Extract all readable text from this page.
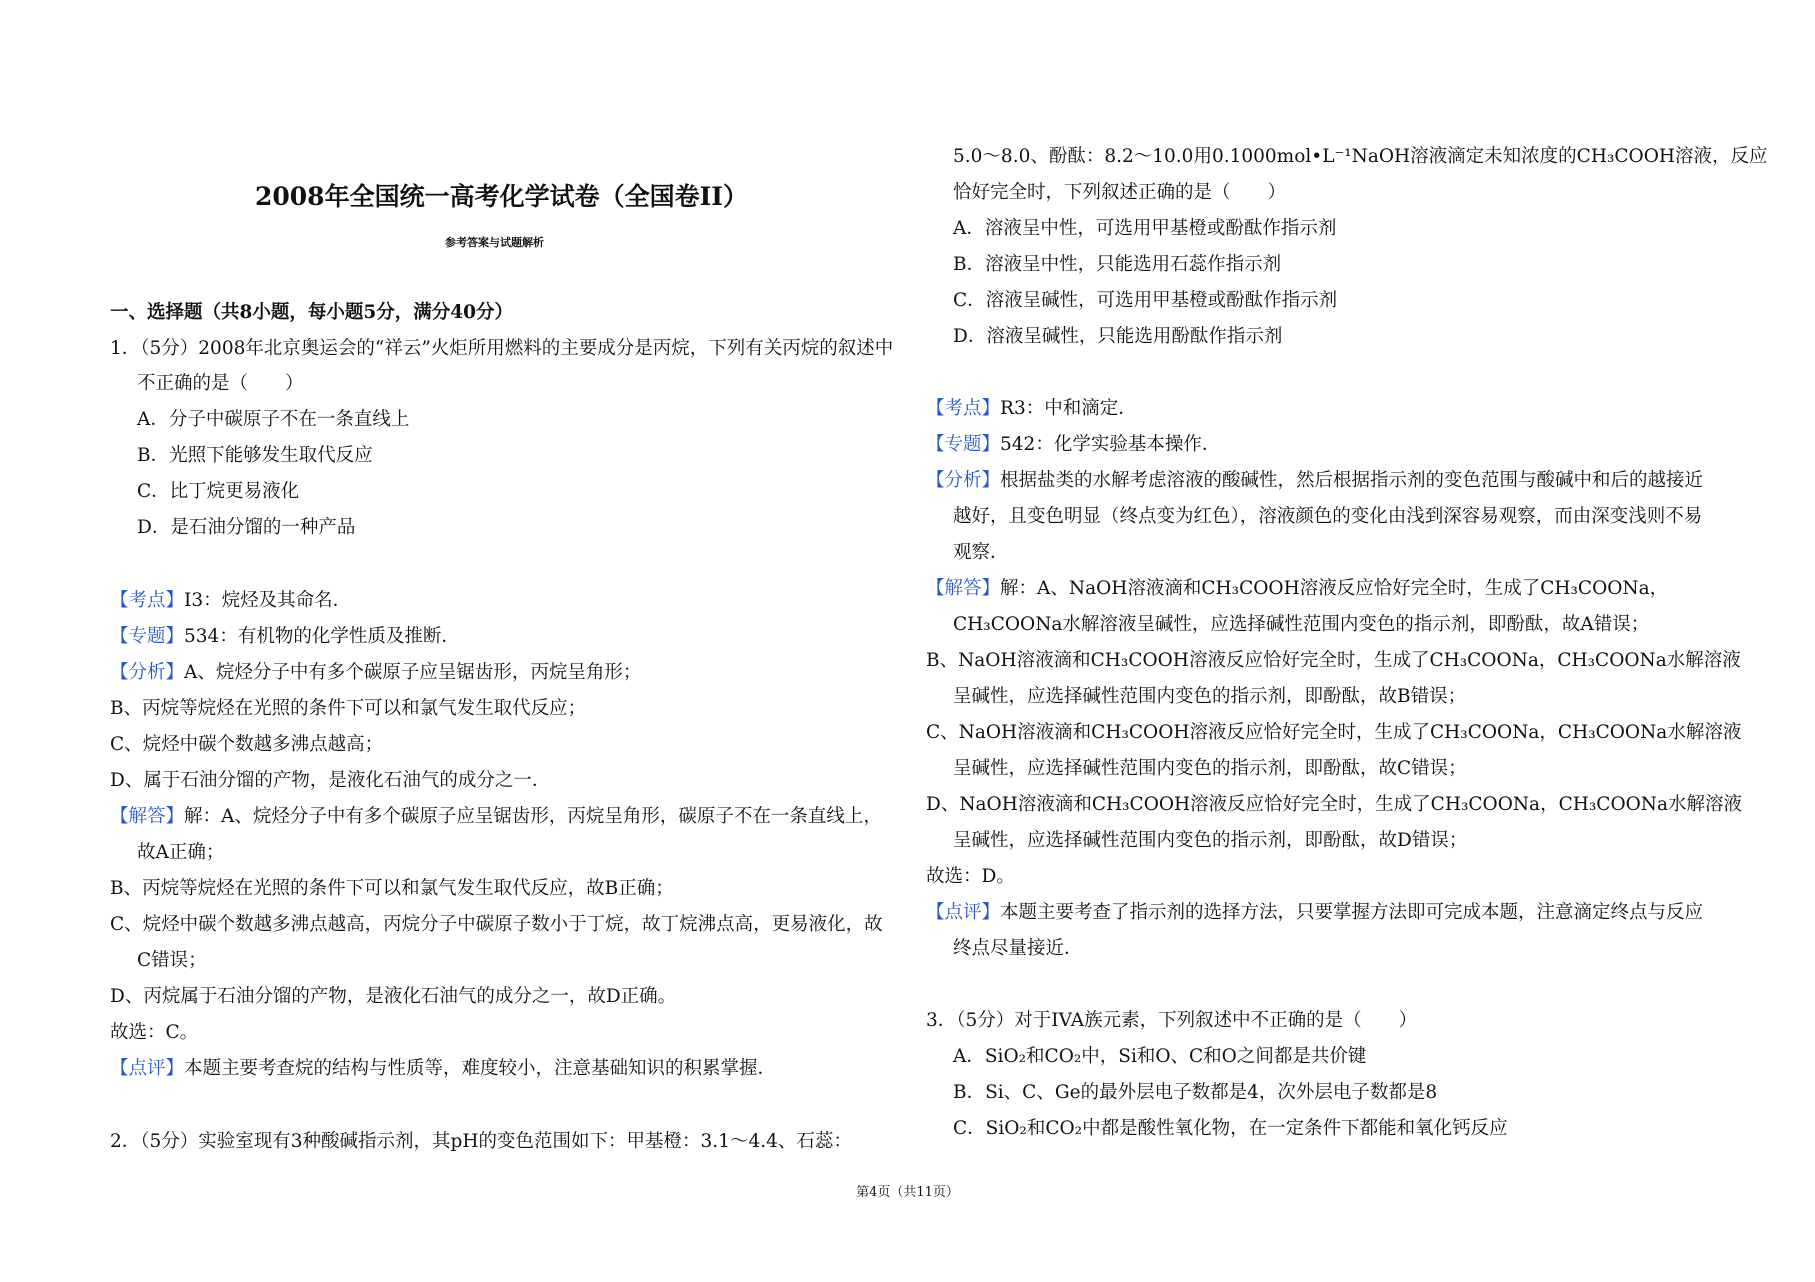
2008年全国统一高考化学试卷（全国卷II）
参考答案与试题解析
一、选择题（共8小题，每小题5分，满分40分）
1．（5分）2008年北京奥运会的“祥云”火炬所用燃料的主要成分是丙烷，下列有关丙烷的叙述中
不正确的是（　　）
A．分子中碳原子不在一条直线上
B．光照下能够发生取代反应
C．比丁烷更易液化
D．是石油分馏的一种产品
【考点】I3：烷烃及其命名．
【专题】534：有机物的化学性质及推断．
【分析】A、烷烃分子中有多个碳原子应呈锯齿形，丙烷呈角形；
B、丙烷等烷烃在光照的条件下可以和氯气发生取代反应；
C、烷烃中碳个数越多沸点越高；
D、属于石油分馏的产物，是液化石油气的成分之一．
【解答】解：A、烷烃分子中有多个碳原子应呈锯齿形，丙烷呈角形，碳原子不在一条直线上，
故A正确；
B、丙烷等烷烃在光照的条件下可以和氯气发生取代反应，故B正确；
C、烷烃中碳个数越多沸点越高，丙烷分子中碳原子数小于丁烷，故丁烷沸点高，更易液化，故
C错误；
D、丙烷属于石油分馏的产物，是液化石油气的成分之一，故D正确。
故选：C。
【点评】本题主要考查烷的结构与性质等，难度较小，注意基础知识的积累掌握．
2．（5分）实验室现有3种酸碱指示剂，其pH的变色范围如下：甲基橙：3.1～4.4、石蕊：
5.0～8.0、酚酞：8.2～10.0用0.1000mol•L⁻¹NaOH溶液滴定未知浓度的CH₃COOH溶液，反应
恰好完全时，下列叙述正确的是（　　）
A．溶液呈中性，可选用甲基橙或酚酞作指示剂
B．溶液呈中性，只能选用石蕊作指示剂
C．溶液呈碱性，可选用甲基橙或酚酞作指示剂
D．溶液呈碱性，只能选用酚酞作指示剂
【考点】R3：中和滴定．
【专题】542：化学实验基本操作．
【分析】根据盐类的水解考虑溶液的酸碱性，然后根据指示剂的变色范围与酸碱中和后的越接近
越好，且变色明显（终点变为红色），溶液颜色的变化由浅到深容易观察，而由深变浅则不易
观察．
【解答】解：A、NaOH溶液滴和CH₃COOH溶液反应恰好完全时，生成了CH₃COONa，
CH₃COONa水解溶液呈碱性，应选择碱性范围内变色的指示剂，即酚酞，故A错误；
B、NaOH溶液滴和CH₃COOH溶液反应恰好完全时，生成了CH₃COONa，CH₃COONa水解溶液
呈碱性，应选择碱性范围内变色的指示剂，即酚酞，故B错误；
C、NaOH溶液滴和CH₃COOH溶液反应恰好完全时，生成了CH₃COONa，CH₃COONa水解溶液
呈碱性，应选择碱性范围内变色的指示剂，即酚酞，故C错误；
D、NaOH溶液滴和CH₃COOH溶液反应恰好完全时，生成了CH₃COONa，CH₃COONa水解溶液
呈碱性，应选择碱性范围内变色的指示剂，即酚酞，故D错误；
故选：D。
【点评】本题主要考查了指示剂的选择方法，只要掌握方法即可完成本题，注意滴定终点与反应
终点尽量接近．
3．（5分）对于IVA族元素，下列叙述中不正确的是（　　）
A．SiO₂和CO₂中，Si和O、C和O之间都是共价键
B．Si、C、Ge的最外层电子数都是4，次外层电子数都是8
C．SiO₂和CO₂中都是酸性氧化物，在一定条件下都能和氧化钙反应
第4页（共11页）
